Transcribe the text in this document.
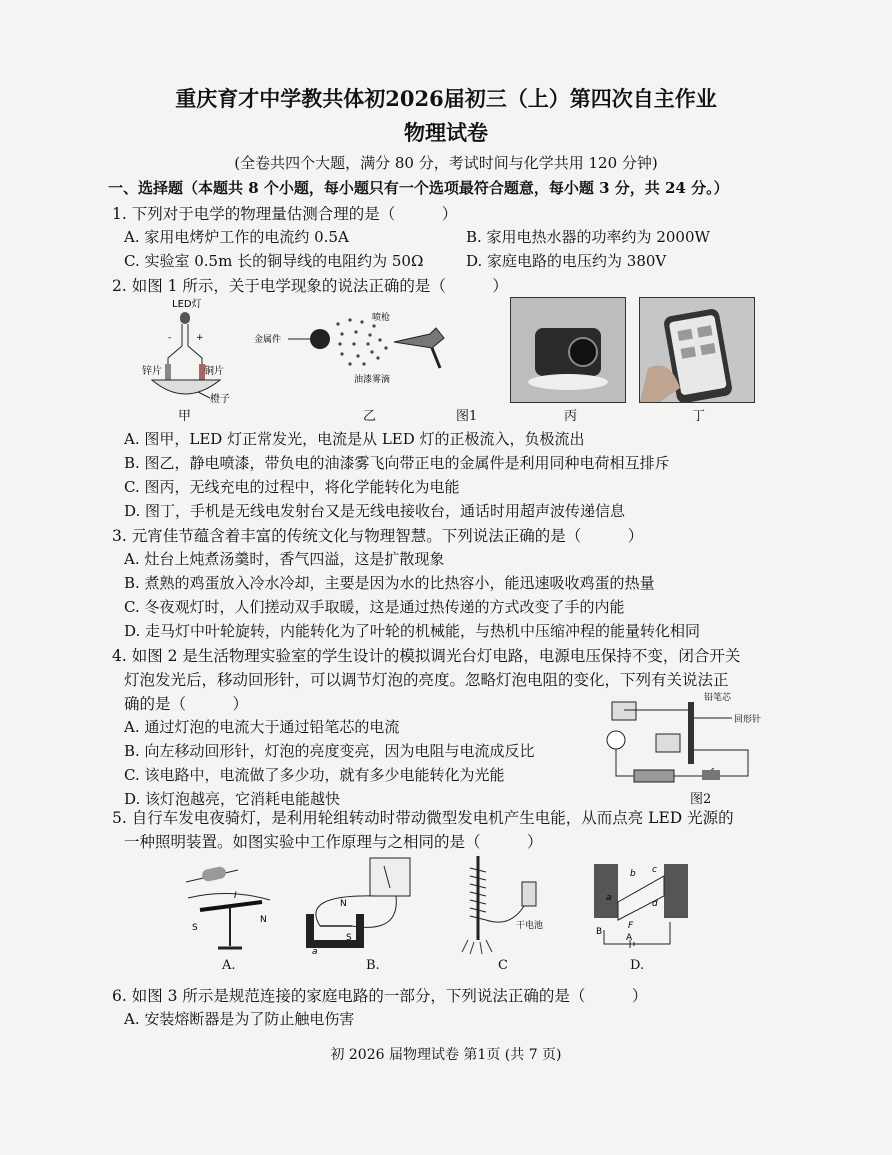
重庆育才中学教共体初2026届初三（上）第四次自主作业
物理试卷
(全卷共四个大题，满分 80 分，考试时间与化学共用 120 分钟)
一、选择题（本题共 8 个小题，每小题只有一个选项最符合题意，每小题 3 分，共 24 分。）
1. 下列对于电学的物理量估测合理的是（　　　）
A. 家用电烤炉工作的电流约 0.5A	B. 家用电热水器的功率约为 2000W
C. 实验室 0.5m 长的铜导线的电阻约为 50Ω	D. 家庭电路的电压约为 380V
2. 如图 1 所示，关于电学现象的说法正确的是（　　　）
LED灯
+
-
锌片	铜片
橙子
甲
金属件
喷枪
油漆雾滴
乙	图1	丙	丁
A. 图甲，LED 灯正常发光，电流是从 LED 灯的正极流入，负极流出
B. 图乙，静电喷漆，带负电的油漆雾飞向带正电的金属件是利用同种电荷相互排斥
C. 图丙，无线充电的过程中，将化学能转化为电能
D. 图丁，手机是无线电发射台又是无线电接收台，通话时用超声波传递信息
3. 元宵佳节蕴含着丰富的传统文化与物理智慧。下列说法正确的是（　　　）
A. 灶台上炖煮汤羹时，香气四溢，这是扩散现象
B. 煮熟的鸡蛋放入冷水冷却，主要是因为水的比热容小，能迅速吸收鸡蛋的热量
C. 冬夜观灯时，人们搓动双手取暖，这是通过热传递的方式改变了手的内能
D. 走马灯中叶轮旋转，内能转化为了叶轮的机械能，与热机中压缩冲程的能量转化相同
4. 如图 2 是生活物理实验室的学生设计的模拟调光台灯电路，电源电压保持不变，闭合开关
灯泡发光后，移动回形针，可以调节灯泡的亮度。忽略灯泡电阻的变化，下列有关说法正
确的是（　　　）
A. 通过灯泡的电流大于通过铅笔芯的电流
B. 向左移动回形针，灯泡的亮度变亮，因为电阻与电流成反比
C. 该电路中，电流做了多少功，就有多少电能转化为光能
D. 该灯泡越亮，它消耗电能越快
铅笔芯
回形针
图2
5. 自行车发电夜骑灯，是利用轮组转动时带动微型发电机产生电能，从而点亮 LED 光源的
一种照明装置。如图实验中工作原理与之相同的是（　　　）
I
S
N
A.
N
S
a
B.
干电池
C
b c
d
a
F
B
A
D.
6. 如图 3 所示是规范连接的家庭电路的一部分，下列说法正确的是（　　　）
A. 安装熔断器是为了防止触电伤害
初 2026 届物理试卷 第1页 (共 7 页)
